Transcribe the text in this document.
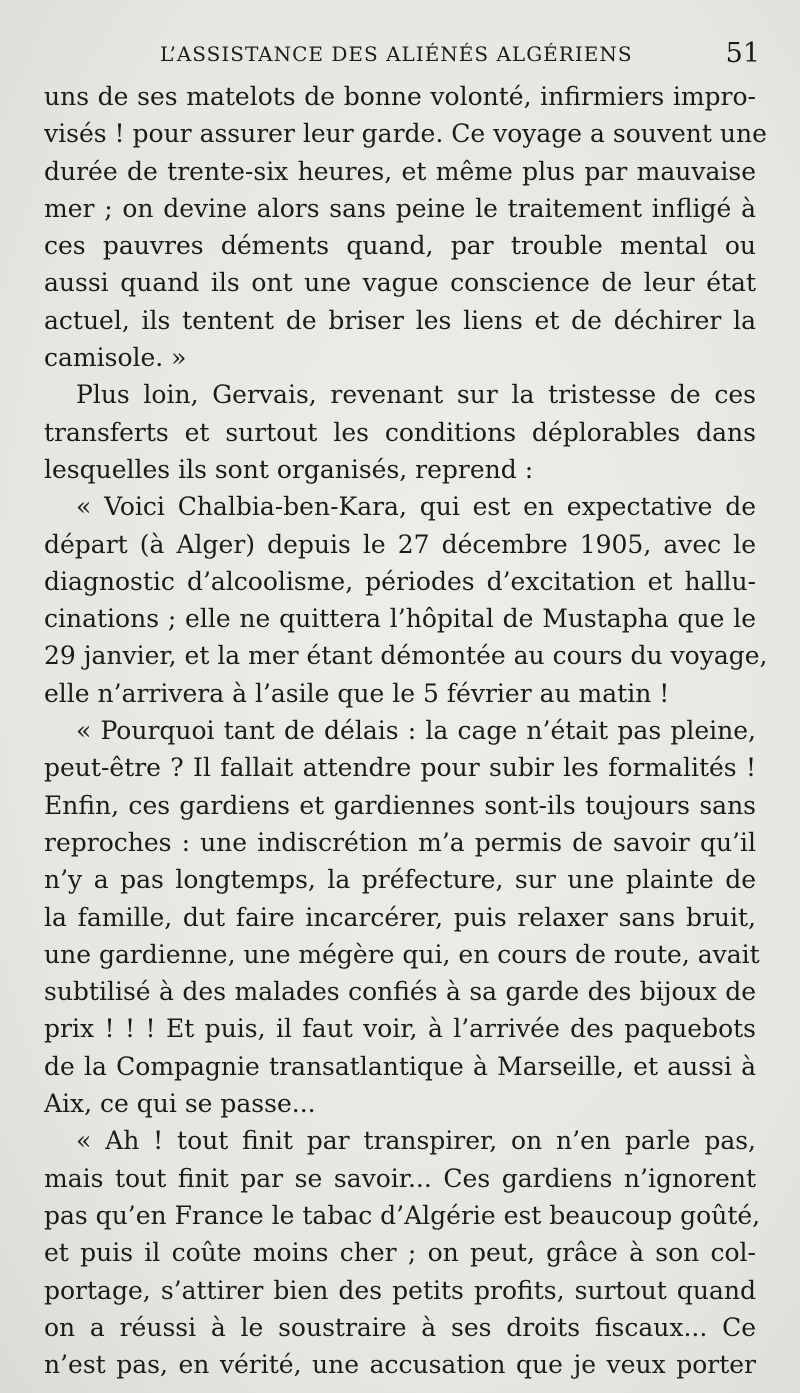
L’ASSISTANCE DES ALIÉNÉS ALGÉRIENS	51
uns de ses matelots de bonne volonté, infirmiers impro-
visés ! pour assurer leur garde. Ce voyage a souvent une
durée de trente-six heures, et même plus par mauvaise
mer ; on devine alors sans peine le traitement infligé à
ces pauvres déments quand, par trouble mental ou
aussi quand ils ont une vague conscience de leur état
actuel, ils tentent de briser les liens et de déchirer la
camisole. »
Plus loin, Gervais, revenant sur la tristesse de ces
transferts et surtout les conditions déplorables dans
lesquelles ils sont organisés, reprend :
« Voici Chalbia-ben-Kara, qui est en expectative de
départ (à Alger) depuis le 27 décembre 1905, avec le
diagnostic d’alcoolisme, périodes d’excitation et hallu-
cinations ; elle ne quittera l’hôpital de Mustapha que le
29 janvier, et la mer étant démontée au cours du voyage,
elle n’arrivera à l’asile que le 5 février au matin !
« Pourquoi tant de délais : la cage n’était pas pleine,
peut-être ? Il fallait attendre pour subir les formalités !
Enfin, ces gardiens et gardiennes sont-ils toujours sans
reproches : une indiscrétion m’a permis de savoir qu’il
n’y a pas longtemps, la préfecture, sur une plainte de
la famille, dut faire incarcérer, puis relaxer sans bruit,
une gardienne, une mégère qui, en cours de route, avait
subtilisé à des malades confiés à sa garde des bijoux de
prix ! ! ! Et puis, il faut voir, à l’arrivée des paquebots
de la Compagnie transatlantique à Marseille, et aussi à
Aix, ce qui se passe...
« Ah ! tout finit par transpirer, on n’en parle pas,
mais tout finit par se savoir... Ces gardiens n’ignorent
pas qu’en France le tabac d’Algérie est beaucoup goûté,
et puis il coûte moins cher ; on peut, grâce à son col-
portage, s’attirer bien des petits profits, surtout quand
on a réussi à le soustraire à ses droits fiscaux... Ce
n’est pas, en vérité, une accusation que je veux porter
